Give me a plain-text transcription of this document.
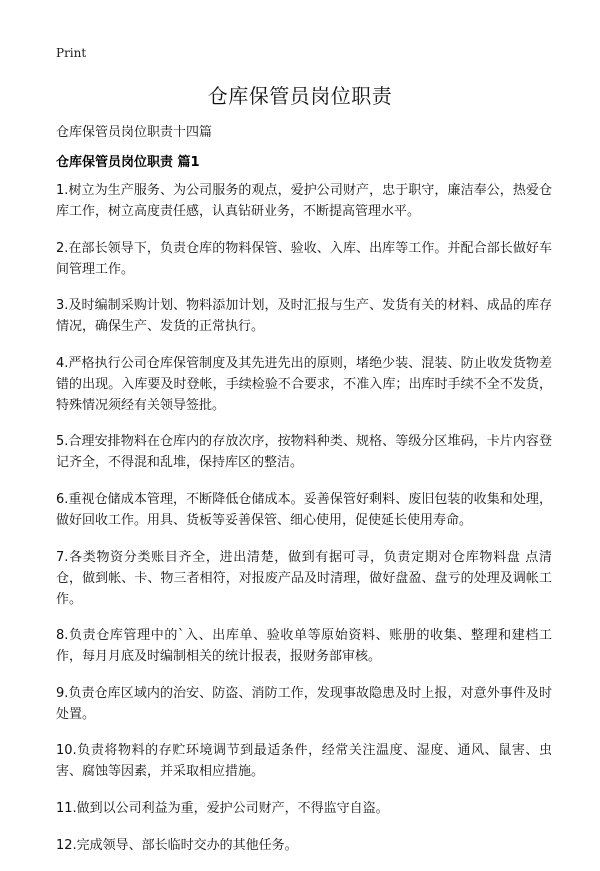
Print
仓库保管员岗位职责
仓库保管员岗位职责十四篇
仓库保管员岗位职责 篇1

1.树立为生产服务、为公司服务的观点，爱护公司财产，忠于职守，廉洁奉公，热爱仓库工作，树立高度责任感，认真钻研业务，不断提高管理水平。

2.在部长领导下，负责仓库的物料保管、验收、入库、出库等工作。并配合部长做好车间管理工作。

3.及时编制采购计划、物料添加计划，及时汇报与生产、发货有关的材料、成品的库存情况，确保生产、发货的正常执行。

4.严格执行公司仓库保管制度及其先进先出的原则，堵绝少装、混装、防止收发货物差错的出现。入库要及时登帐，手续检验不合要求，不准入库；出库时手续不全不发货，特殊情况须经有关领导签批。

5.合理安排物料在仓库内的存放次序，按物料种类、规格、等级分区堆码，卡片内容登记齐全，不得混和乱堆，保持库区的整洁。

6.重视仓储成本管理，不断降低仓储成本。妥善保管好剩料、废旧包装的收集和处理，做好回收工作。用具、货板等妥善保管、细心使用，促使延长使用寿命。

7.各类物资分类账目齐全，进出清楚，做到有据可寻，负责定期对仓库物料盘 点清仓，做到帐、卡、物三者相符，对报废产品及时清理，做好盘盈、盘亏的处理及调帐工作。

8.负责仓库管理中的`入、出库单、验收单等原始资料、账册的收集、整理和建档工作，每月月底及时编制相关的统计报表，报财务部审核。

9.负责仓库区域内的治安、防盗、消防工作，发现事故隐患及时上报，对意外事件及时处置。

10.负责将物料的存贮环境调节到最适条件，经常关注温度、湿度、通风、鼠害、虫害、腐蚀等因素，并采取相应措施。

11.做到以公司利益为重，爱护公司财产，不得监守自盗。

12.完成领导、部长临时交办的其他任务。
